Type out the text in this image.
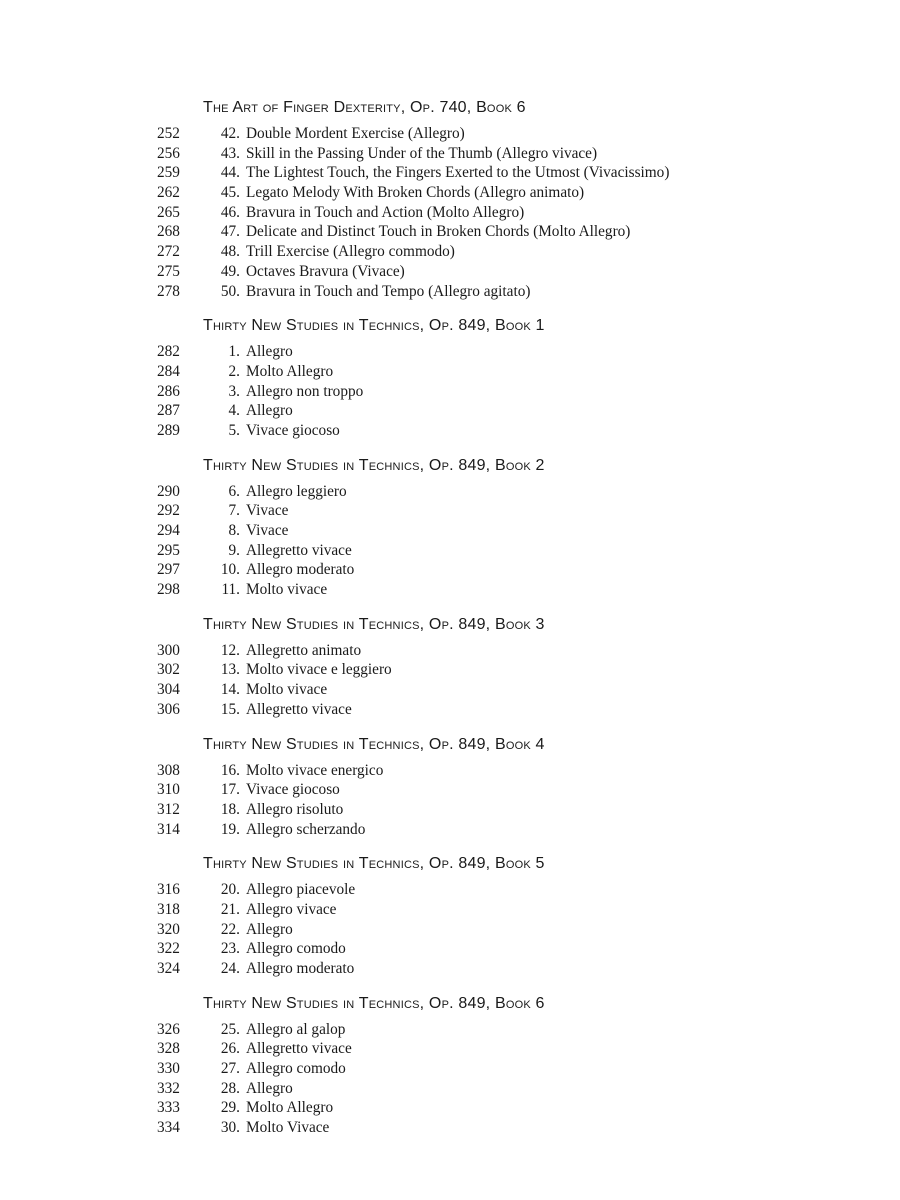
The Art of Finger Dexterity, Op. 740, Book 6
252	42. Double Mordent Exercise (Allegro)
256	43. Skill in the Passing Under of the Thumb (Allegro vivace)
259	44. The Lightest Touch, the Fingers Exerted to the Utmost (Vivacissimo)
262	45. Legato Melody With Broken Chords (Allegro animato)
265	46. Bravura in Touch and Action (Molto Allegro)
268	47. Delicate and Distinct Touch in Broken Chords (Molto Allegro)
272	48. Trill Exercise (Allegro commodo)
275	49. Octaves Bravura (Vivace)
278	50. Bravura in Touch and Tempo (Allegro agitato)
Thirty New Studies in Technics, Op. 849, Book 1
282	1. Allegro
284	2. Molto Allegro
286	3. Allegro non troppo
287	4. Allegro
289	5. Vivace giocoso
Thirty New Studies in Technics, Op. 849, Book 2
290	6. Allegro leggiero
292	7. Vivace
294	8. Vivace
295	9. Allegretto vivace
297	10. Allegro moderato
298	11. Molto vivace
Thirty New Studies in Technics, Op. 849, Book 3
300	12. Allegretto animato
302	13. Molto vivace e leggiero
304	14. Molto vivace
306	15. Allegretto vivace
Thirty New Studies in Technics, Op. 849, Book 4
308	16. Molto vivace energico
310	17. Vivace giocoso
312	18. Allegro risoluto
314	19. Allegro scherzando
Thirty New Studies in Technics, Op. 849, Book 5
316	20. Allegro piacevole
318	21. Allegro vivace
320	22. Allegro
322	23. Allegro comodo
324	24. Allegro moderato
Thirty New Studies in Technics, Op. 849, Book 6
326	25. Allegro al galop
328	26. Allegretto vivace
330	27. Allegro comodo
332	28. Allegro
333	29. Molto Allegro
334	30. Molto Vivace
